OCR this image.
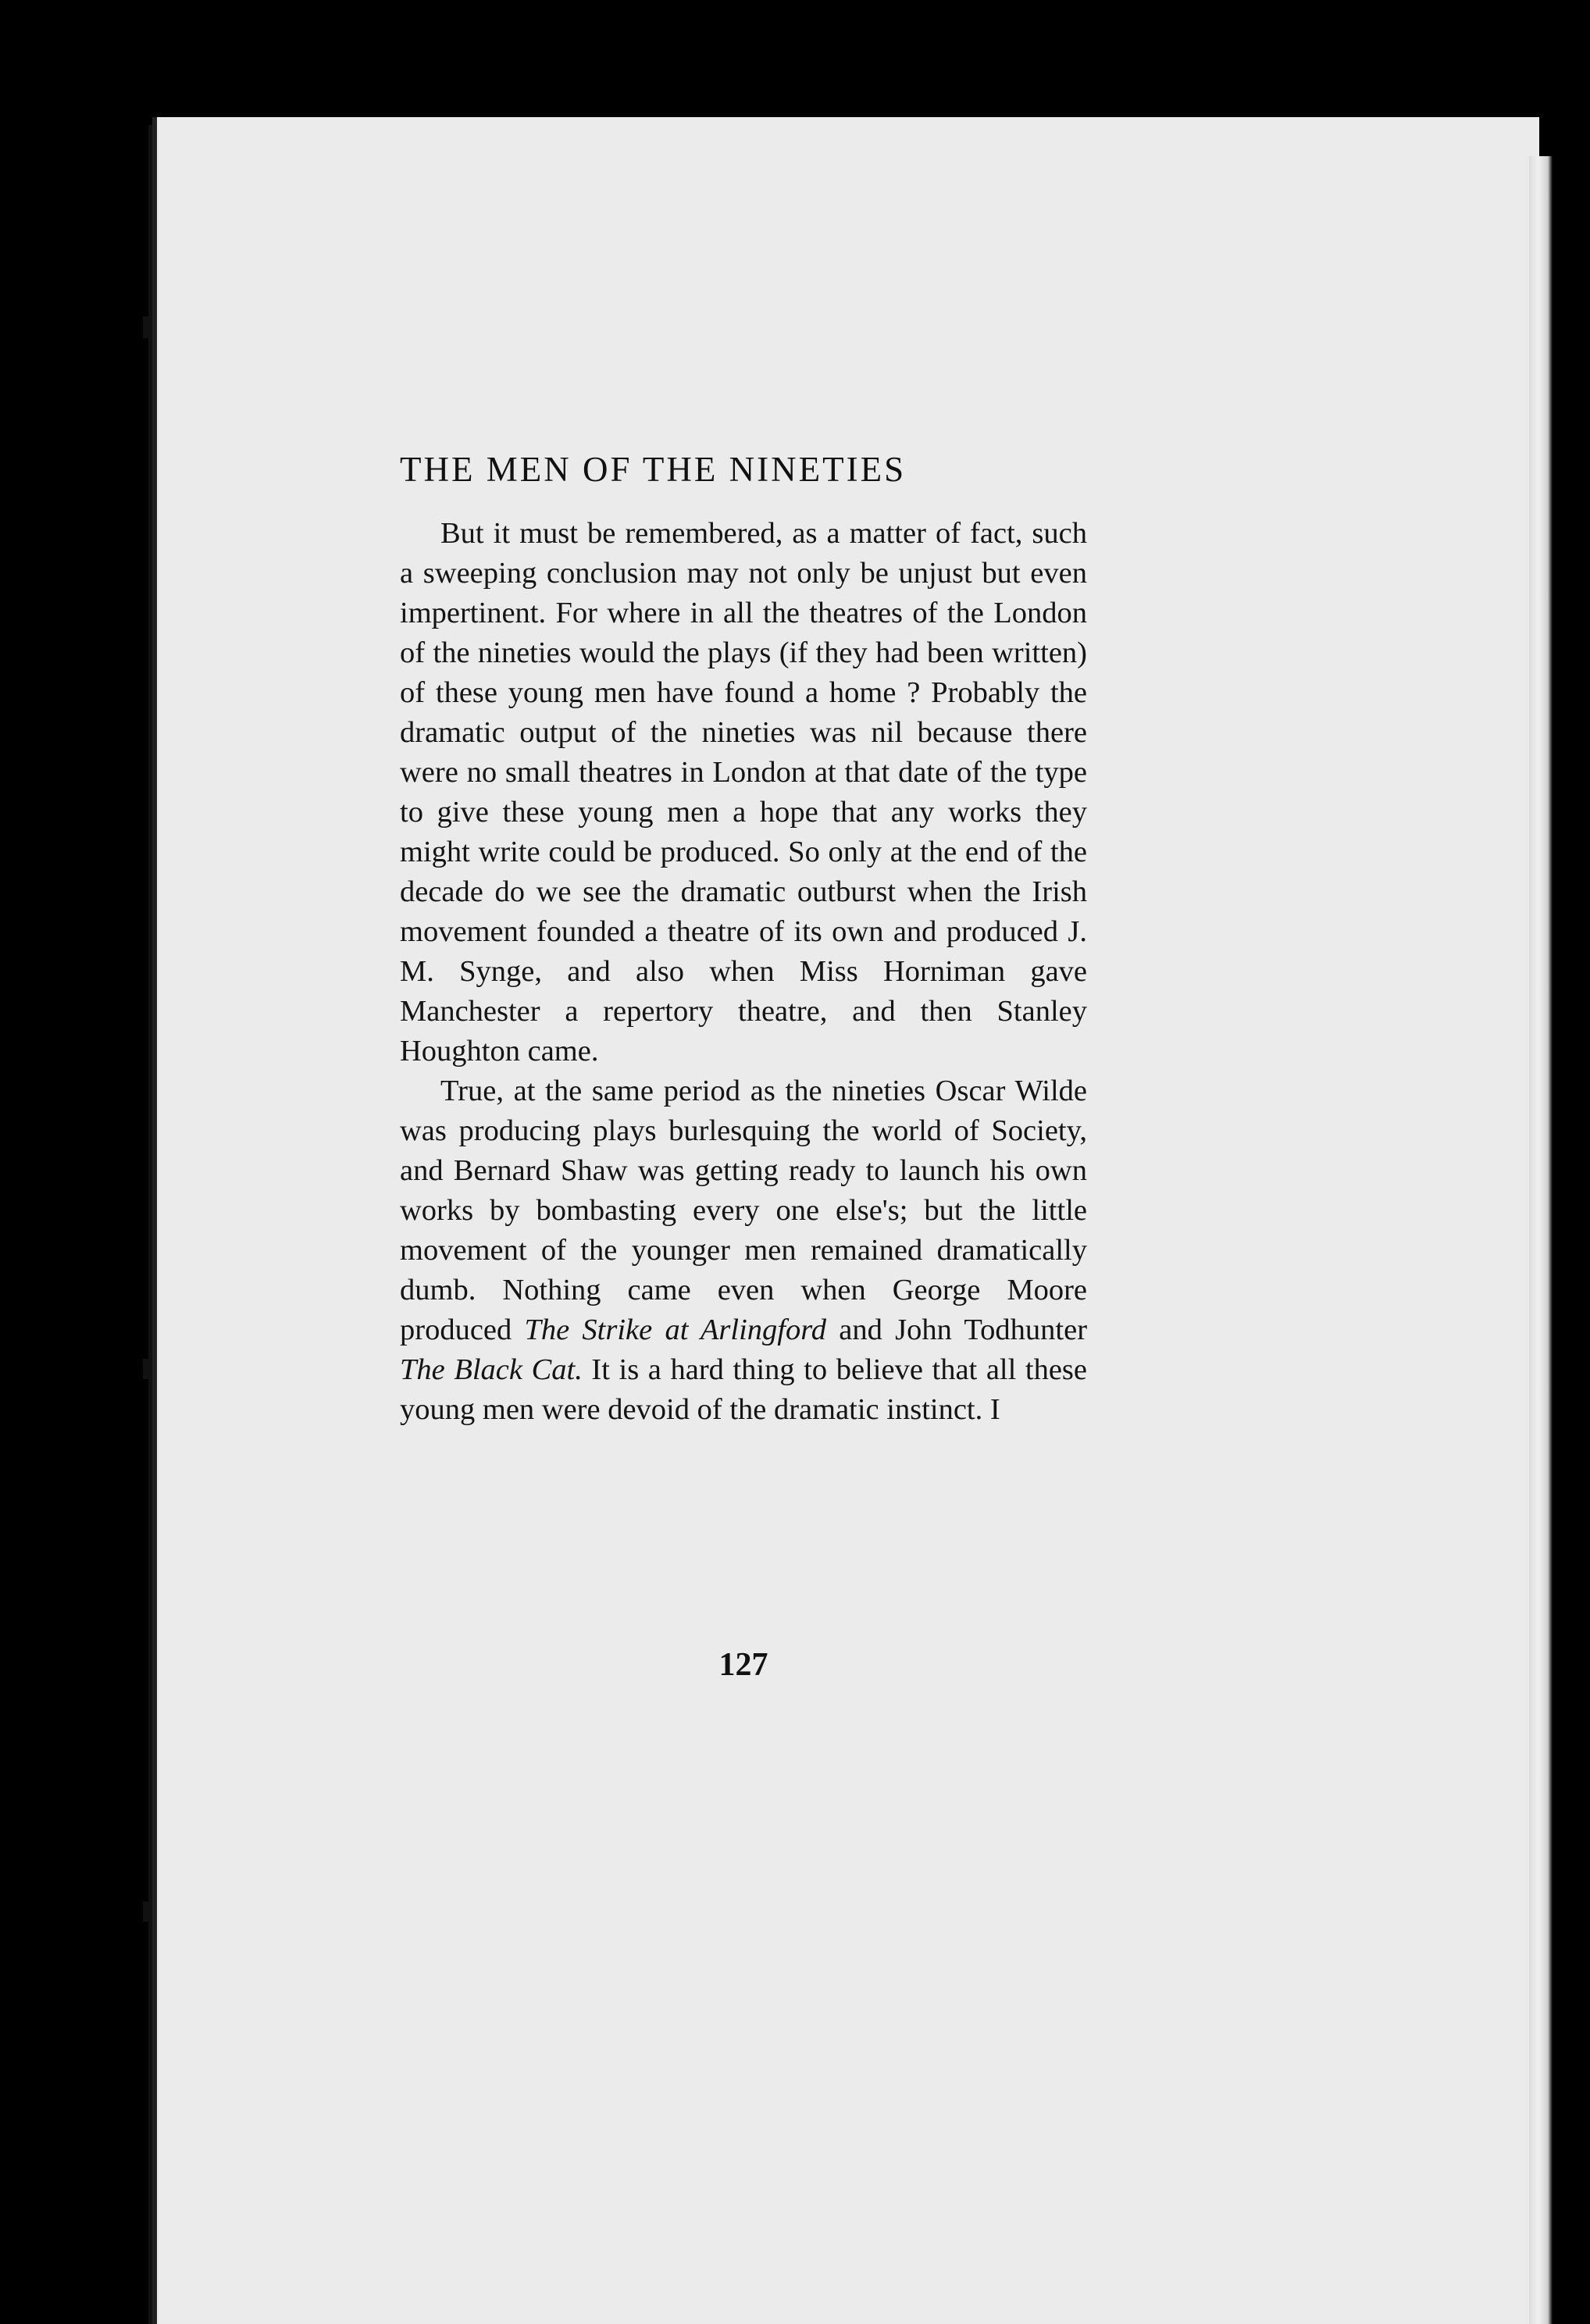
THE MEN OF THE NINETIES

But it must be remembered, as a matter of fact, such a sweeping conclusion may not only be unjust but even impertinent. For where in all the theatres of the London of the nineties would the plays (if they had been written) of these young men have found a home ? Probably the dramatic output of the nineties was nil because there were no small theatres in London at that date of the type to give these young men a hope that any works they might write could be produced. So only at the end of the decade do we see the dramatic outburst when the Irish movement founded a theatre of its own and produced J. M. Synge, and also when Miss Horniman gave Manchester a repertory theatre, and then Stanley Houghton came.

True, at the same period as the nineties Oscar Wilde was producing plays burlesquing the world of Society, and Bernard Shaw was getting ready to launch his own works by bombasting every one else's; but the little movement of the younger men remained dramatically dumb. Nothing came even when George Moore produced The Strike at Arlingford and John Todhunter The Black Cat. It is a hard thing to believe that all these young men were devoid of the dramatic instinct. I

127
